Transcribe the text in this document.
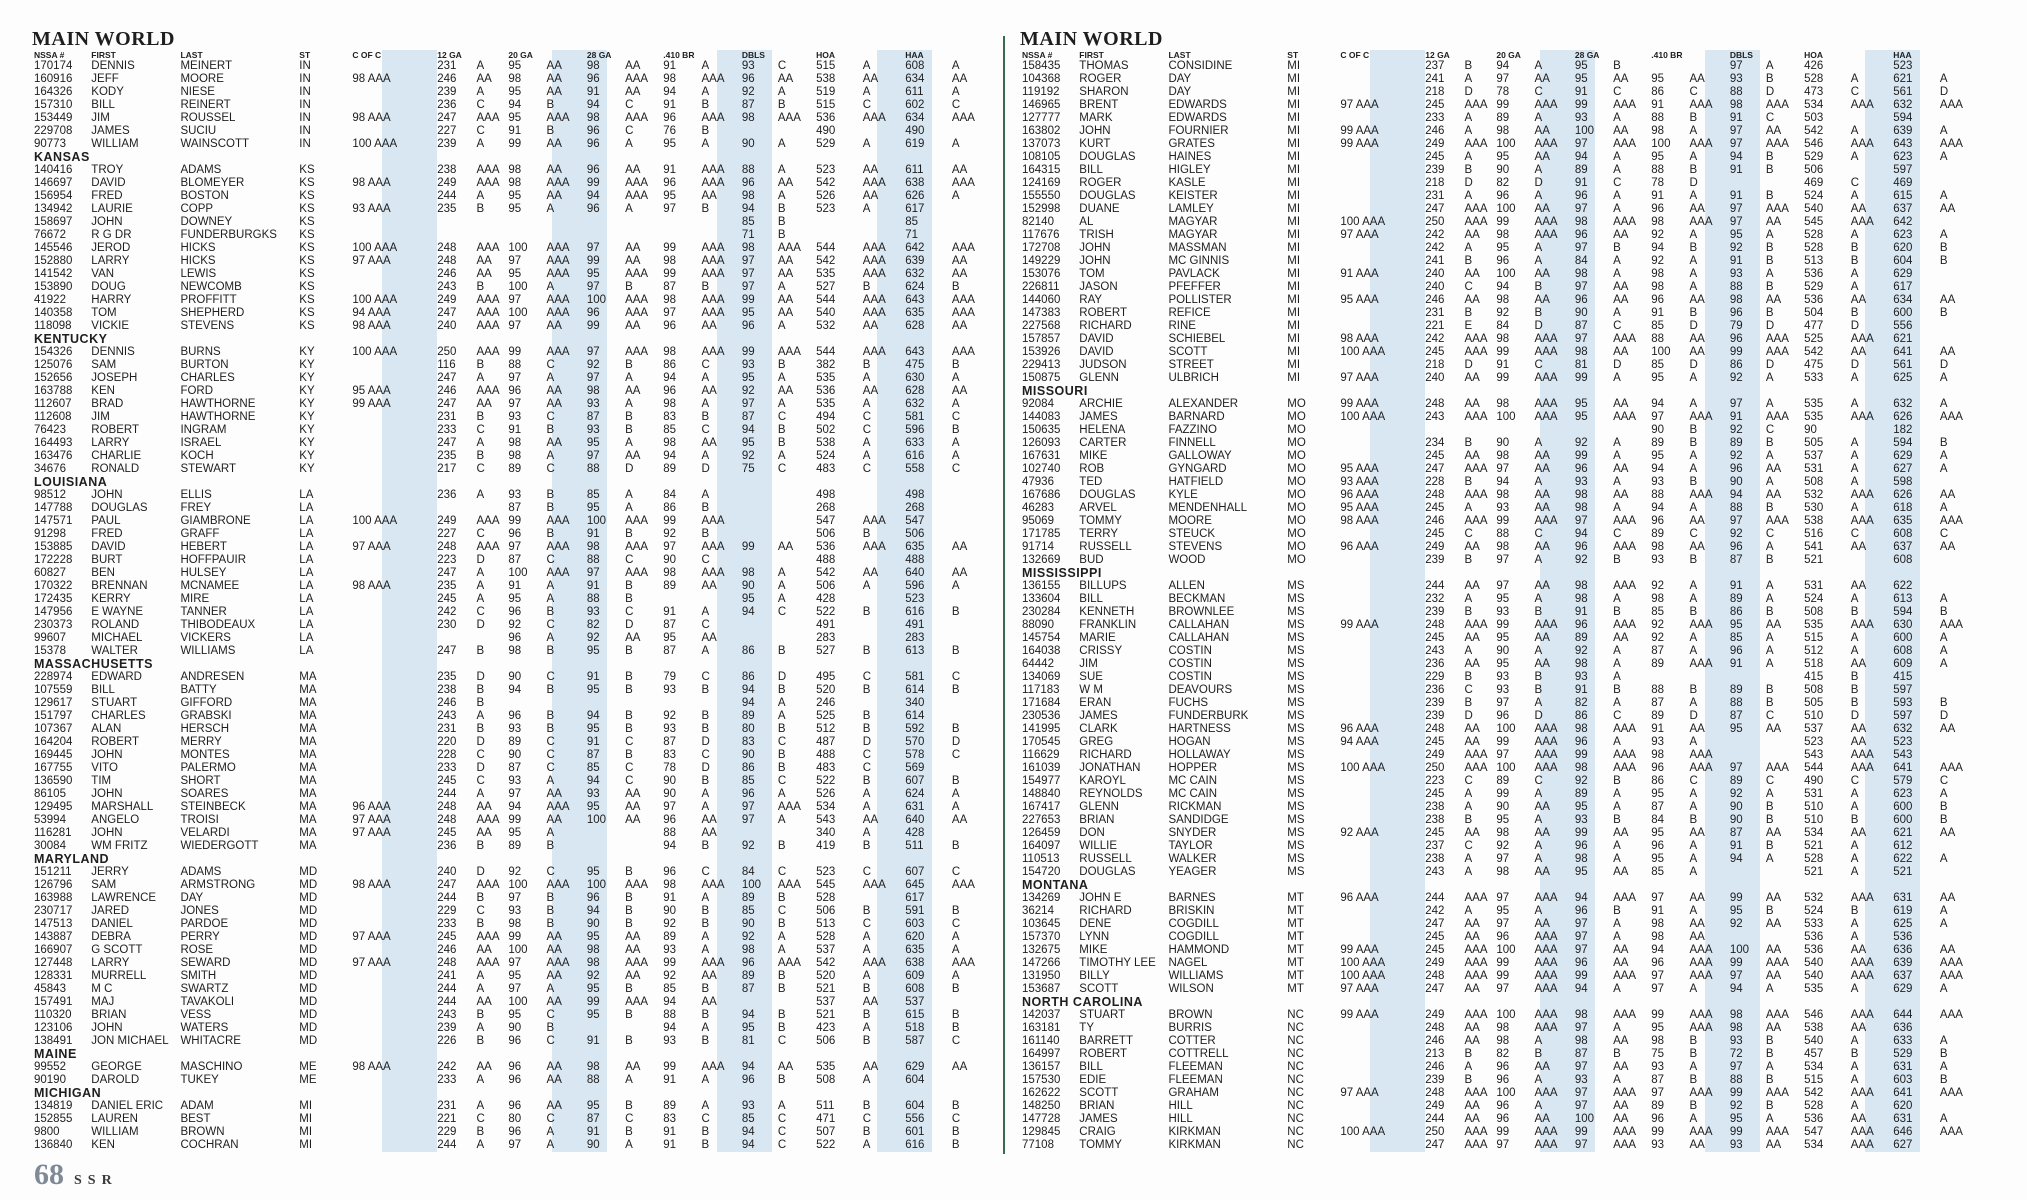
MAIN WORLD
NSSA #	FIRST	LAST	ST	C OF C	12 GA		20 GA		28 GA		.410 BR		DBLS		HOA		HAA	
170174	DENNIS	MEINERT	IN		231	A	95	AA	98	AA	91	A	93	C	515	A	608	A
160916	JEFF	MOORE	IN	98 AAA	246	AA	98	AA	96	AAA	98	AAA	96	AA	538	AA	634	AA
164326	KODY	NIESE	IN		239	A	95	AA	91	AA	94	A	92	A	519	A	611	A
157310	BILL	REINERT	IN		236	C	94	B	94	C	91	B	87	B	515	C	602	C
153449	JIM	ROUSSEL	IN	98 AAA	247	AAA	95	AAA	98	AAA	96	AAA	98	AAA	536	AAA	634	AAA
229708	JAMES	SUCIU	IN		227	C	91	B	96	C	76	B			490		490	
90773	WILLIAM	WAINSCOTT	IN	100 AAA	239	A	99	AA	96	A	95	A	90	A	529	A	619	A
KANSAS																		
140416	TROY	ADAMS	KS		238	AAA	98	AA	96	AA	91	AAA	88	A	523	AA	611	AA
146697	DAVID	BLOMEYER	KS	98 AAA	249	AAA	98	AAA	99	AAA	96	AAA	96	AA	542	AAA	638	AAA
156954	FRED	BOSTON	KS		244	A	95	AA	94	AAA	95	AA	98	A	526	AA	626	A
134942	LAURIE	COPP	KS	93 AAA	235	B	95	A	96	A	97	B	94	B	523	A	617	
158697	JOHN	DOWNEY	KS										85	B			85	
76672	R G DR	FUNDERBURGKS	KS										71	B			71	
145546	JEROD	HICKS	KS	100 AAA	248	AAA	100	AAA	97	AA	99	AAA	98	AAA	544	AAA	642	AAA
152880	LARRY	HICKS	KS	97 AAA	248	AA	97	AAA	99	AA	98	AAA	97	AA	542	AAA	639	AA
141542	VAN	LEWIS	KS		246	AA	95	AAA	95	AAA	99	AAA	97	AA	535	AAA	632	AA
153890	DOUG	NEWCOMB	KS		243	B	100	A	97	B	87	B	97	A	527	B	624	B
41922	HARRY	PROFFITT	KS	100 AAA	249	AAA	97	AAA	100	AAA	98	AAA	99	AA	544	AAA	643	AAA
140358	TOM	SHEPHERD	KS	94 AAA	247	AAA	100	AAA	96	AAA	97	AAA	95	AA	540	AAA	635	AAA
118098	VICKIE	STEVENS	KS	98 AAA	240	AAA	97	AA	99	AA	96	AA	96	A	532	AA	628	AA
KENTUCKY																		
154326	DENNIS	BURNS	KY	100 AAA	250	AAA	99	AAA	97	AAA	98	AAA	99	AAA	544	AAA	643	AAA
125076	SAM	BURTON	KY		116	B	88	C	92	B	86	C	93	B	382	B	475	B
152656	JOSEPH	CHARLES	KY		247	A	97	A	97	A	94	A	95	A	535	A	630	A
163788	KEN	FORD	KY	95 AAA	246	AAA	96	AA	98	AA	96	AA	92	AA	536	AA	628	AA
112607	BRAD	HAWTHORNE	KY	99 AAA	247	AA	97	AA	93	A	98	A	97	A	535	A	632	A
112608	JIM	HAWTHORNE	KY		231	B	93	C	87	B	83	B	87	C	494	C	581	C
76423	ROBERT	INGRAM	KY		233	C	91	B	93	B	85	C	94	B	502	C	596	B
164493	LARRY	ISRAEL	KY		247	A	98	AA	95	A	98	AA	95	B	538	A	633	A
163476	CHARLIE	KOCH	KY		235	B	98	A	97	AA	94	A	92	A	524	A	616	A
34676	RONALD	STEWART	KY		217	C	89	C	88	D	89	D	75	C	483	C	558	C
LOUISIANA																		
98512	JOHN	ELLIS	LA		236	A	93	B	85	A	84	A			498		498	
147788	DOUGLAS	FREY	LA				87	B	95	A	86	B			268		268	
147571	PAUL	GIAMBRONE	LA	100 AAA	249	AAA	99	AAA	100	AAA	99	AAA			547	AAA	547	
91298	FRED	GRAFF	LA		227	C	96	B	91	B	92	B			506	B	506	
153885	DAVID	HEBERT	LA	97 AAA	248	AAA	97	AAA	98	AAA	97	AAA	99	AA	536	AAA	635	AA
172228	BURT	HOFFPAUIR	LA		223	D	87	C	88	C	90	C			488		488	
60827	BEN	HULSEY	LA		247	A	100	AAA	97	AAA	98	AAA	98	A	542	AA	640	AA
170322	BRENNAN	MCNAMEE	LA	98 AAA	235	A	91	A	91	B	89	AA	90	A	506	A	596	A
172435	KERRY	MIRE	LA		245	A	95	A	88	B			95	A	428		523	
147956	E WAYNE	TANNER	LA		242	C	96	B	93	C	91	A	94	C	522	B	616	B
230373	ROLAND	THIBODEAUX	LA		230	D	92	C	82	D	87	C			491		491	
99607	MICHAEL	VICKERS	LA				96	A	92	AA	95	AA			283		283	
15378	WALTER	WILLIAMS	LA		247	B	98	B	95	B	87	A	86	B	527	B	613	B
MASSACHUSETTS																		
228974	EDWARD	ANDRESEN	MA		235	D	90	C	91	B	79	C	86	D	495	C	581	C
107559	BILL	BATTY	MA		238	B	94	B	95	B	93	B	94	B	520	B	614	B
129617	STUART	GIFFORD	MA		246	B							94	A	246		340	
151797	CHARLES	GRABSKI	MA		243	A	96	B	94	B	92	B	89	A	525	B	614	
107367	ALAN	HERSCH	MA		231	B	93	B	95	B	93	B	80	B	512	B	592	B
164204	ROBERT	MERRY	MA		220	D	89	C	91	C	87	D	83	C	487	D	570	D
169445	JOHN	MONTES	MA		228	C	90	C	87	B	83	C	90	B	488	C	578	C
167755	VITO	PALERMO	MA		233	D	87	C	85	C	78	D	86	B	483	C	569	
136590	TIM	SHORT	MA		245	C	93	A	94	C	90	B	85	C	522	B	607	B
86105	JOHN	SOARES	MA		244	A	97	AA	93	AA	90	A	96	A	526	A	624	A
129495	MARSHALL	STEINBECK	MA	96 AAA	248	AA	94	AAA	95	AA	97	A	97	AAA	534	A	631	A
53994	ANGELO	TROISI	MA	97 AAA	248	AAA	99	AA	100	AA	96	AA	97	A	543	AA	640	AA
116281	JOHN	VELARDI	MA	97 AAA	245	AA	95	A			88	AA			340	A	428	
30084	WM FRITZ	WIEDERGOTT	MA		236	B	89	B			94	B	92	B	419	B	511	B
MARYLAND																		
151211	JERRY	ADAMS	MD		240	D	92	C	95	B	96	C	84	C	523	C	607	C
126796	SAM	ARMSTRONG	MD	98 AAA	247	AAA	100	AAA	100	AAA	98	AAA	100	AAA	545	AAA	645	AAA
163988	LAWRENCE	DAY	MD		244	B	97	B	96	B	91	A	89	B	528		617	
230717	JARED	JONES	MD		229	C	93	B	94	B	90	B	85	C	506	B	591	B
147513	DANIEL	PARDOE	MD		233	B	98	B	90	B	92	B	90	B	513	C	603	C
143887	DEBRA	PERRY	MD	97 AAA	245	AAA	99	AA	95	AA	89	A	92	A	528	A	620	A
166907	G SCOTT	ROSE	MD		246	AA	100	AA	98	AA	93	A	98	A	537	A	635	A
127448	LARRY	SEWARD	MD	97 AAA	248	AAA	97	AAA	98	AAA	99	AAA	96	AAA	542	AAA	638	AAA
128331	MURRELL	SMITH	MD		241	A	95	AA	92	AA	92	AA	89	B	520	A	609	A
45843	M C	SWARTZ	MD		244	A	97	A	95	B	85	B	87	B	521	B	608	B
157491	MAJ	TAVAKOLI	MD		244	AA	100	AA	99	AAA	94	AA			537	AA	537	
110320	BRIAN	VESS	MD		243	B	95	C	95	B	88	B	94	B	521	B	615	B
123106	JOHN	WATERS	MD		239	A	90	B			94	A	95	B	423	A	518	B
138491	JON MICHAEL	WHITACRE	MD		226	B	96	C	91	B	93	B	81	C	506	B	587	C
MAINE																		
99552	GEORGE	MASCHINO	ME	98 AAA	242	AA	96	AA	98	AA	99	AAA	94	AA	535	AA	629	AA
90190	DAROLD	TUKEY	ME		233	A	96	AA	88	A	91	A	96	B	508	A	604	
MICHIGAN																		
134819	DANIEL ERIC	ADAM	MI		231	A	96	AA	95	B	89	A	93	A	511	B	604	B
152855	LAUREN	BEST	MI		221	C	80	C	87	C	83	C	85	C	471	C	556	C
9800	WILLIAM	BROWN	MI		229	B	96	A	91	B	91	B	94	C	507	B	601	B
136840	KEN	COCHRAN	MI		244	A	97	A	90	A	91	B	94	C	522	A	616	B
MAIN WORLD
NSSA #	FIRST	LAST	ST	C OF C	12 GA		20 GA		28 GA		.410 BR		DBLS		HOA		HAA	
158435	THOMAS	CONSIDINE	MI		237	B	94	A	95	B			97	A	426		523	
104368	ROGER	DAY	MI		241	A	97	AA	95	AA	95	AA	93	B	528	A	621	A
119192	SHARON	DAY	MI		218	D	78	C	91	C	86	C	88	D	473	C	561	D
146965	BRENT	EDWARDS	MI	97 AAA	245	AAA	99	AAA	99	AAA	91	AAA	98	AAA	534	AAA	632	AAA
127777	MARK	EDWARDS	MI		233	A	89	A	93	A	88	B	91	C	503		594	
163802	JOHN	FOURNIER	MI	99 AAA	246	A	98	AA	100	AA	98	A	97	AA	542	A	639	A
137073	KURT	GRATES	MI	99 AAA	249	AAA	100	AAA	97	AAA	100	AAA	97	AAA	546	AAA	643	AAA
108105	DOUGLAS	HAINES	MI		245	A	95	AA	94	A	95	A	94	B	529	A	623	A
164315	BILL	HIGLEY	MI		239	B	90	A	89	A	88	B	91	B	506		597	
124169	ROGER	KASLE	MI		218	D	82	D	91	C	78	D			469	C	469	
155550	DOUGLAS	KEISTER	MI		231	A	96	A	96	A	91	A	91	B	524	A	615	A
152998	DUANE	LAMLEY	MI		247	AAA	100	AA	97	A	96	AA	97	AAA	540	AA	637	AA
82140	AL	MAGYAR	MI	100 AAA	250	AAA	99	AAA	98	AAA	98	AAA	97	AA	545	AAA	642	
117676	TRISH	MAGYAR	MI	97 AAA	242	AA	98	AAA	96	AA	92	A	95	A	528	A	623	A
172708	JOHN	MASSMAN	MI		242	A	95	A	97	B	94	B	92	B	528	B	620	B
149229	JOHN	MC GINNIS	MI		241	B	96	A	84	A	92	A	91	B	513	B	604	B
153076	TOM	PAVLACK	MI	91 AAA	240	AA	100	AA	98	A	98	A	93	A	536	A	629	
226811	JASON	PFEFFER	MI		240	C	94	B	97	AA	98	A	88	B	529	A	617	
144060	RAY	POLLISTER	MI	95 AAA	246	AA	98	AA	96	AA	96	AA	98	AA	536	AA	634	AA
147383	ROBERT	REFICE	MI		231	B	92	B	90	A	91	B	96	B	504	B	600	B
227568	RICHARD	RINE	MI		221	E	84	D	87	C	85	D	79	D	477	D	556	
157857	DAVID	SCHIEBEL	MI	98 AAA	242	AAA	98	AAA	97	AAA	88	AA	96	AAA	525	AAA	621	
153926	DAVID	SCOTT	MI	100 AAA	245	AAA	99	AAA	98	AA	100	AA	99	AAA	542	AA	641	AA
229413	JUDSON	STREET	MI		218	D	91	C	81	D	85	D	86	D	475	D	561	D
150875	GLENN	ULBRICH	MI	97 AAA	240	AA	99	AAA	99	A	95	A	92	A	533	A	625	A
MISSOURI																		
92084	ARCHIE	ALEXANDER	MO	99 AAA	248	AA	98	AAA	95	AA	94	A	97	A	535	A	632	A
144083	JAMES	BARNARD	MO	100 AAA	243	AAA	100	AAA	95	AAA	97	AAA	91	AAA	535	AAA	626	AAA
150635	HELENA	FAZZINO	MO								90	B	92	C	90		182	
126093	CARTER	FINNELL	MO		234	B	90	A	92	A	89	B	89	B	505	A	594	B
167631	MIKE	GALLOWAY	MO		245	AA	98	AA	99	A	95	A	92	A	537	A	629	A
102740	ROB	GYNGARD	MO	95 AAA	247	AAA	97	AA	96	AA	94	A	96	AA	531	A	627	A
47936	TED	HATFIELD	MO	93 AAA	228	B	94	A	93	A	93	B	90	A	508	A	598	
167686	DOUGLAS	KYLE	MO	96 AAA	248	AAA	98	AA	98	AA	88	AAA	94	AA	532	AAA	626	AA
46283	ARVEL	MENDENHALL	MO	95 AAA	245	A	93	AA	98	A	94	A	88	B	530	A	618	A
95069	TOMMY	MOORE	MO	98 AAA	246	AAA	99	AAA	97	AAA	96	AA	97	AAA	538	AAA	635	AAA
171785	TERRY	STEUCK	MO		245	C	88	C	94	C	89	C	92	C	516	C	608	C
91714	RUSSELL	STEVENS	MO	96 AAA	249	AA	98	AA	96	AAA	98	AA	96	A	541	AA	637	AA
132669	BUD	WOOD	MO		239	B	97	A	92	B	93	B	87	B	521		608	
MISSISSIPPI																		
136155	BILLUPS	ALLEN	MS		244	AA	97	AA	98	AAA	92	A	91	A	531	AA	622	
133604	BILL	BECKMAN	MS		232	A	95	A	98	A	98	A	89	A	524	A	613	A
230284	KENNETH	BROWNLEE	MS		239	B	93	B	91	B	85	B	86	B	508	B	594	B
88090	FRANKLIN	CALLAHAN	MS	99 AAA	248	AAA	99	AAA	96	AAA	92	AAA	95	AA	535	AAA	630	AAA
145754	MARIE	CALLAHAN	MS		245	AA	95	AA	89	AA	92	A	85	A	515	A	600	A
164038	CRISSY	COSTIN	MS		243	A	90	A	92	A	87	A	96	A	512	A	608	A
64442	JIM	COSTIN	MS		236	AA	95	AA	98	A	89	AAA	91	A	518	AA	609	A
134069	SUE	COSTIN	MS		229	B	93	B	93	A					415	B	415	
117183	W M	DEAVOURS	MS		236	C	93	B	91	B	88	B	89	B	508	B	597	
171684	ERAN	FUCHS	MS		239	B	97	A	82	A	87	A	88	B	505	B	593	B
230536	JAMES	FUNDERBURK	MS		239	D	96	D	86	C	89	D	87	C	510	D	597	D
141995	CLARK	HARTNESS	MS	96 AAA	248	AA	100	AAA	98	AAA	91	AA	95	AA	537	AA	632	AA
170545	GREG	HOGAN	MS	94 AAA	245	AA	99	AAA	96	A	93	A			523	AA	523	
116629	RICHARD	HOLLAWAY	MS		249	AAA	97	AAA	99	AAA	98	AAA			543	AAA	543	
161039	JONATHAN	HOPPER	MS	100 AAA	250	AAA	100	AAA	98	AAA	96	AAA	97	AAA	544	AAA	641	AAA
154977	KAROYL	MC CAIN	MS		223	C	89	C	92	B	86	C	89	C	490	C	579	C
148840	REYNOLDS	MC CAIN	MS		245	A	99	A	89	A	95	A	92	A	531	A	623	A
167417	GLENN	RICKMAN	MS		238	A	90	AA	95	A	87	A	90	B	510	A	600	B
227653	BRIAN	SANDIDGE	MS		238	B	95	A	93	B	84	B	90	B	510	B	600	B
126459	DON	SNYDER	MS	92 AAA	245	AA	98	AA	99	AA	95	AA	87	AA	534	AA	621	AA
164097	WILLIE	TAYLOR	MS		237	C	92	A	96	A	96	A	91	B	521	A	612	
110513	RUSSELL	WALKER	MS		238	A	97	A	98	A	95	A	94	A	528	A	622	A
154720	DOUGLAS	YEAGER	MS		243	A	98	AA	95	AA	85	A			521	A	521	
MONTANA																		
134269	JOHN E	BARNES	MT	96 AAA	244	AAA	97	AAA	94	AAA	97	AA	99	AA	532	AAA	631	AA
36214	RICHARD	BRISKIN	MT		242	A	95	A	96	B	91	A	95	B	524	B	619	A
103645	DENE	COGDILL	MT		247	AA	97	AA	97	A	98	AA	92	AA	533	A	625	A
157370	LYNN	COGDILL	MT		245	AA	96	AAA	97	A	98	AA			536	A	536	
132675	MIKE	HAMMOND	MT	99 AAA	245	AAA	100	AAA	97	AA	94	AAA	100	AA	536	AA	636	AA
147266	TIMOTHY LEE	NAGEL	MT	100 AAA	249	AAA	99	AAA	96	AA	96	AAA	99	AAA	540	AAA	639	AAA
131950	BILLY	WILLIAMS	MT	100 AAA	248	AAA	99	AAA	99	AAA	97	AAA	97	AA	540	AAA	637	AAA
153687	SCOTT	WILSON	MT	97 AAA	247	AA	97	AAA	94	A	97	A	94	A	535	A	629	A
NORTH CAROLINA																		
142037	STUART	BROWN	NC	99 AAA	249	AAA	100	AAA	98	AAA	99	AAA	98	AAA	546	AAA	644	AAA
163181	TY	BURRIS	NC		248	AA	98	AAA	97	A	95	AAA	98	AA	538	AA	636	
161140	BARRETT	COTTER	NC		246	AA	98	A	98	AA	98	B	93	B	540	A	633	A
164997	ROBERT	COTTRELL	NC		213	B	82	B	87	B	75	B	72	B	457	B	529	B
136157	BILL	FLEEMAN	NC		246	A	96	AA	97	AA	93	A	97	A	534	A	631	A
157530	EDIE	FLEEMAN	NC		239	B	96	A	93	A	87	B	88	B	515	A	603	B
162622	SCOTT	GRAHAM	NC	97 AAA	248	AAA	100	AAA	97	AAA	97	AAA	99	AAA	542	AAA	641	AAA
148250	BRIAN	HILL	NC		249	AA	96	A	97	AA	89	B	92	B	528	A	620	
147728	JAMES	HILL	NC		244	AA	96	AA	100	AA	96	A	95	A	536	AA	631	A
129845	CRAIG	KIRKMAN	NC	100 AAA	250	AAA	99	AAA	99	AAA	99	AAA	99	AAA	547	AAA	646	AAA
77108	TOMMY	KIRKMAN	NC		247	AAA	97	AAA	97	AAA	93	AA	93	AA	534	AAA	627	
68 SSR
